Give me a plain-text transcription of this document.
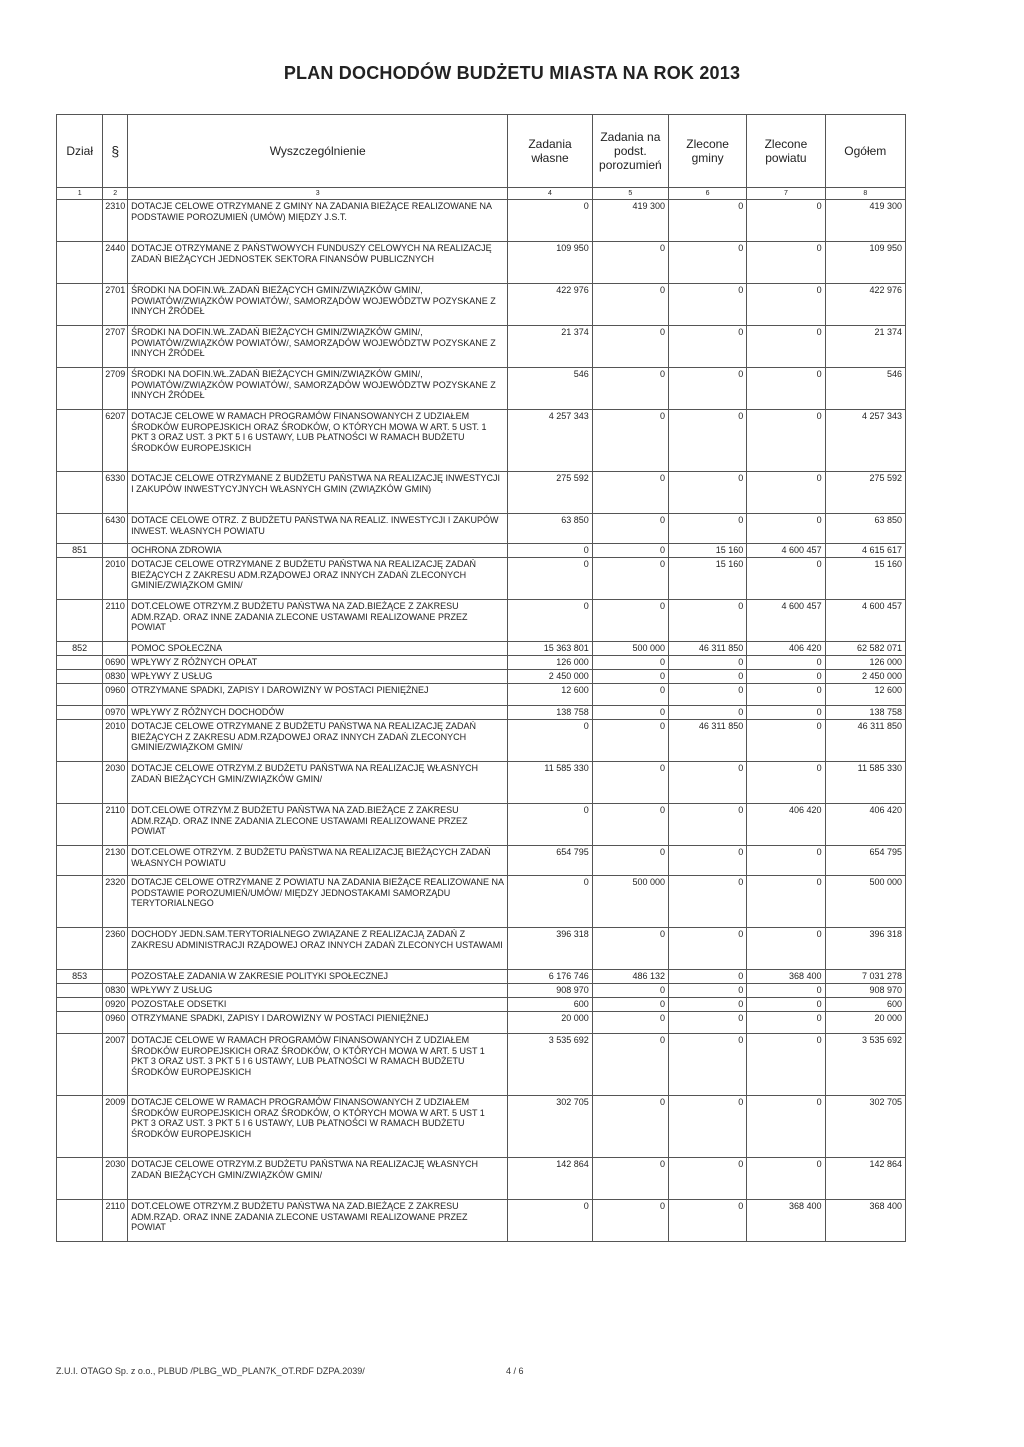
PLAN DOCHODÓW BUDŻETU MIASTA NA ROK 2013
Dział	§	Wyszczególnienie	Zadania własne	Zadania na podst. porozumień	Zlecone gminy	Zlecone powiatu	Ogółem
1	2	3	4	5	6	7	8
	2310	DOTACJE CELOWE OTRZYMANE Z GMINY NA ZADANIA BIEŻĄCE REALIZOWANE NA PODSTAWIE POROZUMIEŃ (UMÓW) MIĘDZY J.S.T.	0	419 300	0	0	419 300
	2440	DOTACJE OTRZYMANE Z PAŃSTWOWYCH FUNDUSZY CELOWYCH NA REALIZACJĘ ZADAŃ BIEŻĄCYCH JEDNOSTEK SEKTORA FINANSÓW PUBLICZNYCH	109 950	0	0	0	109 950
	2701	ŚRODKI NA DOFIN.WŁ.ZADAŃ BIEŻĄCYCH GMIN/ZWIĄZKÓW GMIN/, POWIATÓW/ZWIĄZKÓW POWIATÓW/, SAMORZĄDÓW WOJEWÓDZTW POZYSKANE Z INNYCH ŹRÓDEŁ	422 976	0	0	0	422 976
	2707	ŚRODKI NA DOFIN.WŁ.ZADAŃ BIEŻĄCYCH GMIN/ZWIĄZKÓW GMIN/, POWIATÓW/ZWIĄZKÓW POWIATÓW/, SAMORZĄDÓW WOJEWÓDZTW POZYSKANE Z INNYCH ŹRÓDEŁ	21 374	0	0	0	21 374
	2709	ŚRODKI NA DOFIN.WŁ.ZADAŃ BIEŻĄCYCH GMIN/ZWIĄZKÓW GMIN/, POWIATÓW/ZWIĄZKÓW POWIATÓW/, SAMORZĄDÓW WOJEWÓDZTW POZYSKANE Z INNYCH ŹRÓDEŁ	546	0	0	0	546
	6207	DOTACJE CELOWE W RAMACH PROGRAMÓW FINANSOWANYCH Z UDZIAŁEM ŚRODKÓW EUROPEJSKICH ORAZ ŚRODKÓW, O KTÓRYCH MOWA W ART. 5 UST. 1 PKT 3 ORAZ UST. 3 PKT 5 I 6 USTAWY, LUB PŁATNOŚCI W RAMACH BUDŻETU ŚRODKÓW EUROPEJSKICH	4 257 343	0	0	0	4 257 343
	6330	DOTACJE CELOWE OTRZYMANE Z BUDŻETU PAŃSTWA NA REALIZACJĘ INWESTYCJI I ZAKUPÓW INWESTYCYJNYCH WŁASNYCH GMIN (ZWIĄZKÓW GMIN)	275 592	0	0	0	275 592
	6430	DOTACE CELOWE OTRZ. Z BUDŻETU PAŃSTWA NA REALIZ. INWESTYCJI I ZAKUPÓW INWEST. WŁASNYCH POWIATU	63 850	0	0	0	63 850
851		OCHRONA ZDROWIA	0	0	15 160	4 600 457	4 615 617
	2010	DOTACJE CELOWE OTRZYMANE Z BUDŻETU PAŃSTWA NA REALIZACJĘ ZADAŃ BIEŻĄCYCH Z ZAKRESU ADM.RZĄDOWEJ ORAZ INNYCH ZADAŃ ZLECONYCH GMINIE/ZWIĄZKOM GMIN/	0	0	15 160	0	15 160
	2110	DOT.CELOWE OTRZYM.Z BUDŻETU PAŃSTWA NA ZAD.BIEŻĄCE Z ZAKRESU ADM.RZĄD. ORAZ INNE ZADANIA ZLECONE USTAWAMI REALIZOWANE PRZEZ POWIAT	0	0	0	4 600 457	4 600 457
852		POMOC SPOŁECZNA	15 363 801	500 000	46 311 850	406 420	62 582 071
	0690	WPŁYWY Z RÓŻNYCH OPŁAT	126 000	0	0	0	126 000
	0830	WPŁYWY Z USŁUG	2 450 000	0	0	0	2 450 000
	0960	OTRZYMANE SPADKI, ZAPISY I DAROWIZNY W POSTACI PIENIĘŻNEJ	12 600	0	0	0	12 600
	0970	WPŁYWY Z RÓŻNYCH DOCHODÓW	138 758	0	0	0	138 758
	2010	DOTACJE CELOWE OTRZYMANE Z BUDŻETU PAŃSTWA NA REALIZACJĘ ZADAŃ BIEŻĄCYCH Z ZAKRESU ADM.RZĄDOWEJ ORAZ INNYCH ZADAŃ ZLECONYCH GMINIE/ZWIĄZKOM GMIN/	0	0	46 311 850	0	46 311 850
	2030	DOTACJE CELOWE OTRZYM.Z BUDŻETU PAŃSTWA NA REALIZACJĘ WŁASNYCH ZADAŃ BIEŻĄCYCH GMIN/ZWIĄZKÓW GMIN/	11 585 330	0	0	0	11 585 330
	2110	DOT.CELOWE OTRZYM.Z BUDŻETU PAŃSTWA NA ZAD.BIEŻĄCE Z ZAKRESU ADM.RZĄD. ORAZ INNE ZADANIA ZLECONE USTAWAMI REALIZOWANE PRZEZ POWIAT	0	0	0	406 420	406 420
	2130	DOT.CELOWE OTRZYM. Z BUDŻETU PAŃSTWA NA REALIZACJĘ BIEŻĄCYCH ZADAŃ WŁASNYCH POWIATU	654 795	0	0	0	654 795
	2320	DOTACJE CELOWE OTRZYMANE Z POWIATU NA ZADANIA BIEŻĄCE REALIZOWANE NA PODSTAWIE POROZUMIEŃ/UMÓW/ MIĘDZY JEDNOSTAKAMI SAMORZĄDU TERYTORIALNEGO	0	500 000	0	0	500 000
	2360	DOCHODY JEDN.SAM.TERYTORIALNEGO ZWIĄZANE Z REALIZACJĄ ZADAŃ Z ZAKRESU ADMINISTRACJI RZĄDOWEJ ORAZ INNYCH ZADAŃ ZLECONYCH USTAWAMI	396 318	0	0	0	396 318
853		POZOSTAŁE ZADANIA W ZAKRESIE POLITYKI SPOŁECZNEJ	6 176 746	486 132	0	368 400	7 031 278
	0830	WPŁYWY Z USŁUG	908 970	0	0	0	908 970
	0920	POZOSTAŁE ODSETKI	600	0	0	0	600
	0960	OTRZYMANE SPADKI, ZAPISY I DAROWIZNY W POSTACI PIENIĘŻNEJ	20 000	0	0	0	20 000
	2007	DOTACJE CELOWE W RAMACH PROGRAMÓW FINANSOWANYCH Z UDZIAŁEM ŚRODKÓW EUROPEJSKICH ORAZ ŚRODKÓW, O KTÓRYCH MOWA W ART. 5 UST 1 PKT 3 ORAZ UST. 3 PKT 5 I 6 USTAWY, LUB PŁATNOŚCI W RAMACH BUDŻETU ŚRODKÓW EUROPEJSKICH	3 535 692	0	0	0	3 535 692
	2009	DOTACJE CELOWE W RAMACH PROGRAMÓW FINANSOWANYCH Z UDZIAŁEM ŚRODKÓW EUROPEJSKICH ORAZ ŚRODKÓW, O KTÓRYCH MOWA W ART. 5 UST 1 PKT 3 ORAZ UST. 3 PKT 5 I 6 USTAWY, LUB PŁATNOŚCI W RAMACH BUDŻETU ŚRODKÓW EUROPEJSKICH	302 705	0	0	0	302 705
	2030	DOTACJE CELOWE OTRZYM.Z BUDŻETU PAŃSTWA NA REALIZACJĘ WŁASNYCH ZADAŃ BIEŻĄCYCH GMIN/ZWIĄZKÓW GMIN/	142 864	0	0	0	142 864
	2110	DOT.CELOWE OTRZYM.Z BUDŻETU PAŃSTWA NA ZAD.BIEŻĄCE Z ZAKRESU ADM.RZĄD. ORAZ INNE ZADANIA ZLECONE USTAWAMI REALIZOWANE PRZEZ POWIAT	0	0	0	368 400	368 400
Z.U.I. OTAGO Sp. z o.o., PLBUD /PLBG_WD_PLAN7K_OT.RDF DZPA.2039/	4 / 6
